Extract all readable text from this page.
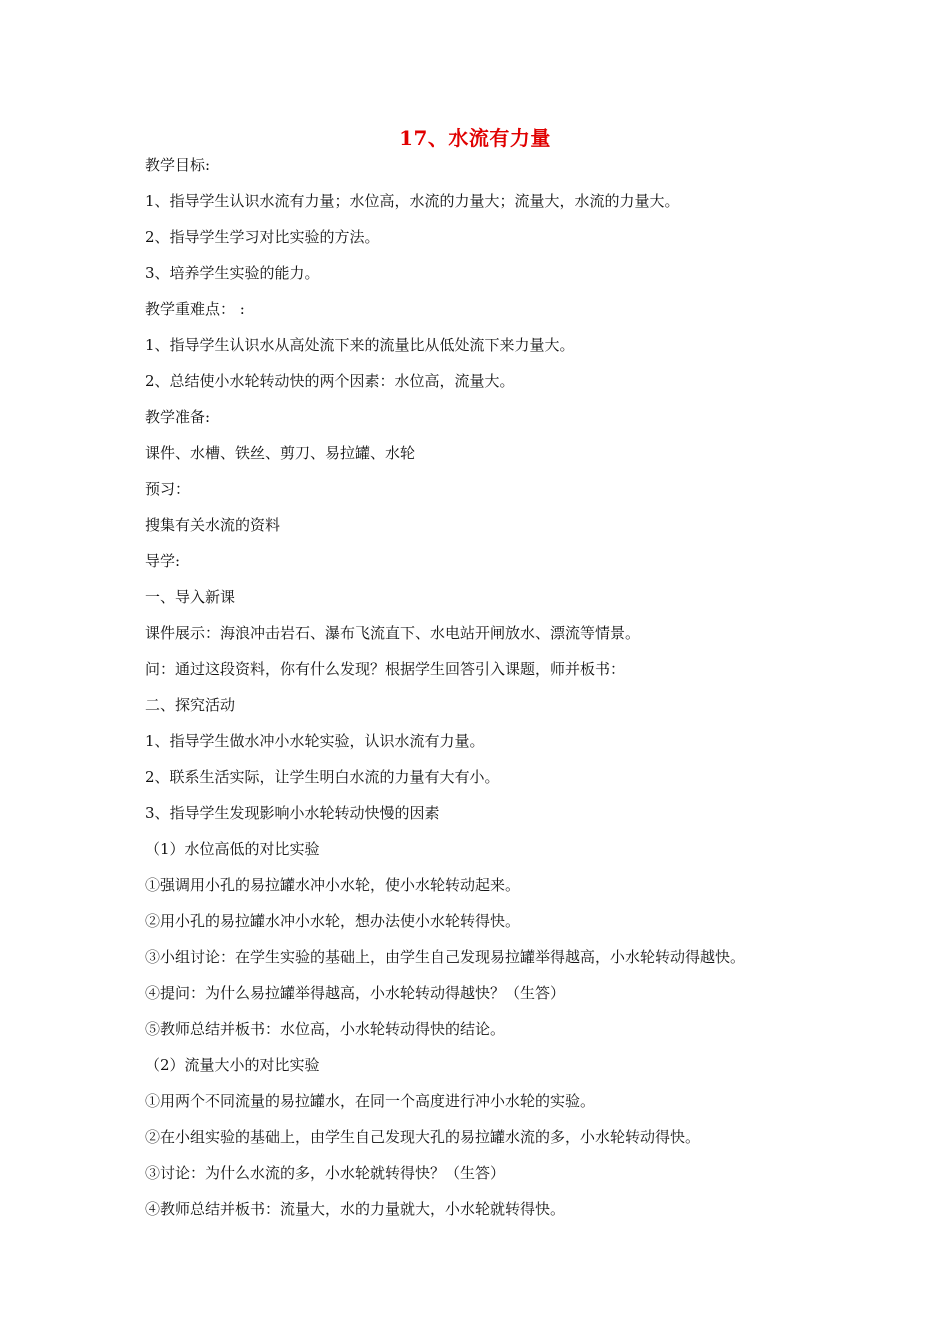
17、水流有力量
教学目标:
1、指导学生认识水流有力量；水位高，水流的力量大；流量大，水流的力量大。
2、指导学生学习对比实验的方法。
3、培养学生实验的能力。
教学重难点： :
1、指导学生认识水从高处流下来的流量比从低处流下来力量大。
2、总结使小水轮转动快的两个因素：水位高，流量大。
教学准备:
课件、水槽、铁丝、剪刀、易拉罐、水轮
预习：
搜集有关水流的资料
导学:
一、导入新课
课件展示：海浪冲击岩石、瀑布飞流直下、水电站开闸放水、漂流等情景。
问：通过这段资料，你有什么发现？根据学生回答引入课题，师并板书：
二、探究活动
1、指导学生做水冲小水轮实验，认识水流有力量。
2、联系生活实际，让学生明白水流的力量有大有小。
3、指导学生发现影响小水轮转动快慢的因素
（1）水位高低的对比实验
①强调用小孔的易拉罐水冲小水轮，使小水轮转动起来。
②用小孔的易拉罐水冲小水轮，想办法使小水轮转得快。
③小组讨论：在学生实验的基础上，由学生自己发现易拉罐举得越高，小水轮转动得越快。
④提问：为什么易拉罐举得越高，小水轮转动得越快？（生答）
⑤教师总结并板书：水位高，小水轮转动得快的结论。
（2）流量大小的对比实验
①用两个不同流量的易拉罐水，在同一个高度进行冲小水轮的实验。
②在小组实验的基础上，由学生自己发现大孔的易拉罐水流的多，小水轮转动得快。
③讨论：为什么水流的多，小水轮就转得快？（生答）
④教师总结并板书：流量大，水的力量就大，小水轮就转得快。
